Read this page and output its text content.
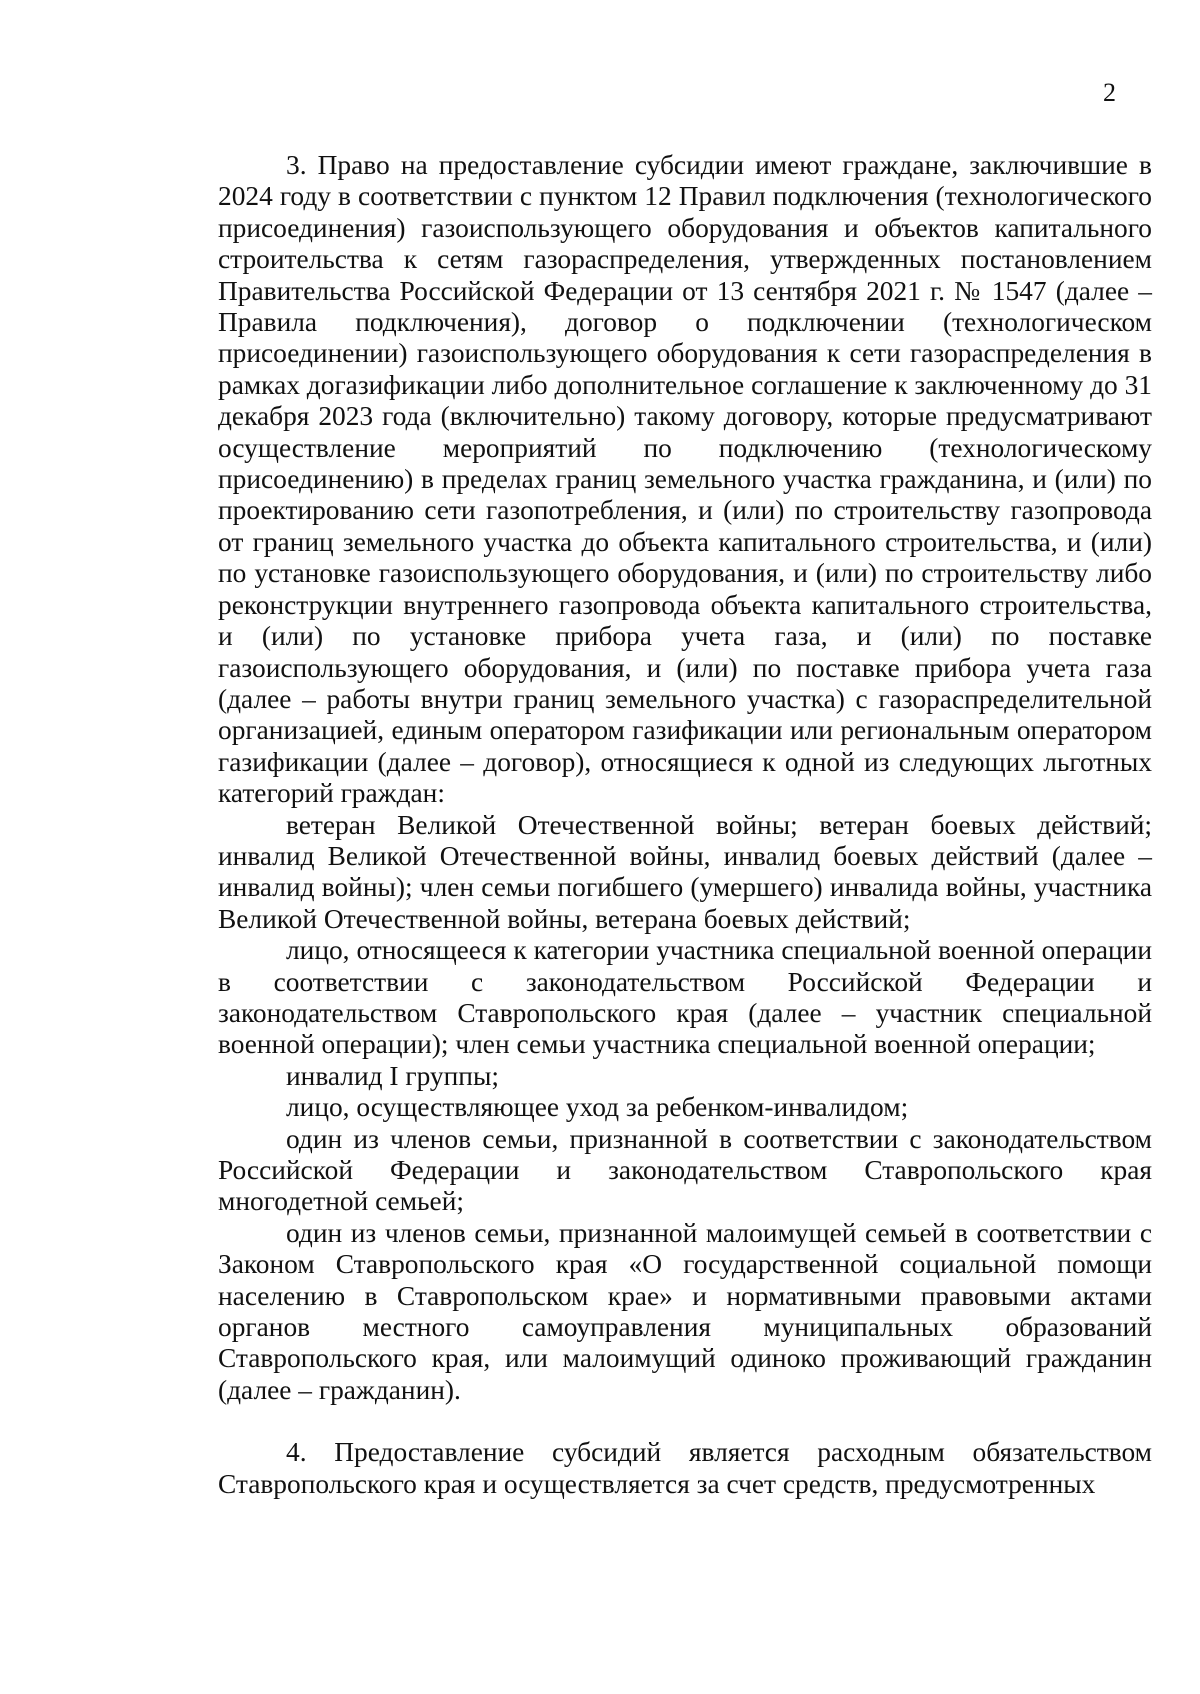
2

3. Право на предоставление субсидии имеют граждане, заключившие в 2024 году в соответствии с пунктом 12 Правил подключения (технологического присоединения) газоиспользующего оборудования и объектов капитального строительства к сетям газораспределения, утвержденных постановлением Правительства Российской Федерации от 13 сентября 2021 г. № 1547 (далее – Правила подключения), договор о подключении (технологическом присоединении) газоиспользующего оборудования к сети газораспределения в рамках догазификации либо дополнительное соглашение к заключенному до 31 декабря 2023 года (включительно) такому договору, которые предусматривают осуществление мероприятий по подключению (технологическому присоединению) в пределах границ земельного участка гражданина, и (или) по проектированию сети газопотребления, и (или) по строительству газопровода от границ земельного участка до объекта капитального строительства, и (или) по установке газоиспользующего оборудования, и (или) по строительству либо реконструкции внутреннего газопровода объекта капитального строительства, и (или) по установке прибора учета газа, и (или) по поставке газоиспользующего оборудования, и (или) по поставке прибора учета газа (далее – работы внутри границ земельного участка) с газораспределительной организацией, единым оператором газификации или региональным оператором газификации (далее – договор), относящиеся к одной из следующих льготных категорий граждан:

ветеран Великой Отечественной войны; ветеран боевых действий; инвалид Великой Отечественной войны, инвалид боевых действий (далее – инвалид войны); член семьи погибшего (умершего) инвалида войны, участника Великой Отечественной войны, ветерана боевых действий;

лицо, относящееся к категории участника специальной военной операции в соответствии с законодательством Российской Федерации и законодательством Ставропольского края (далее – участник специальной военной операции); член семьи участника специальной военной операции;

инвалид I группы;

лицо, осуществляющее уход за ребенком-инвалидом;

один из членов семьи, признанной в соответствии с законодательством Российской Федерации и законодательством Ставропольского края многодетной семьей;

один из членов семьи, признанной малоимущей семьей в соответствии с Законом Ставропольского края «О государственной социальной помощи населению в Ставропольском крае» и нормативными правовыми актами органов местного самоуправления муниципальных образований Ставропольского края, или малоимущий одиноко проживающий гражданин (далее – гражданин).

4. Предоставление субсидий является расходным обязательством Ставропольского края и осуществляется за счет средств, предусмотренных
